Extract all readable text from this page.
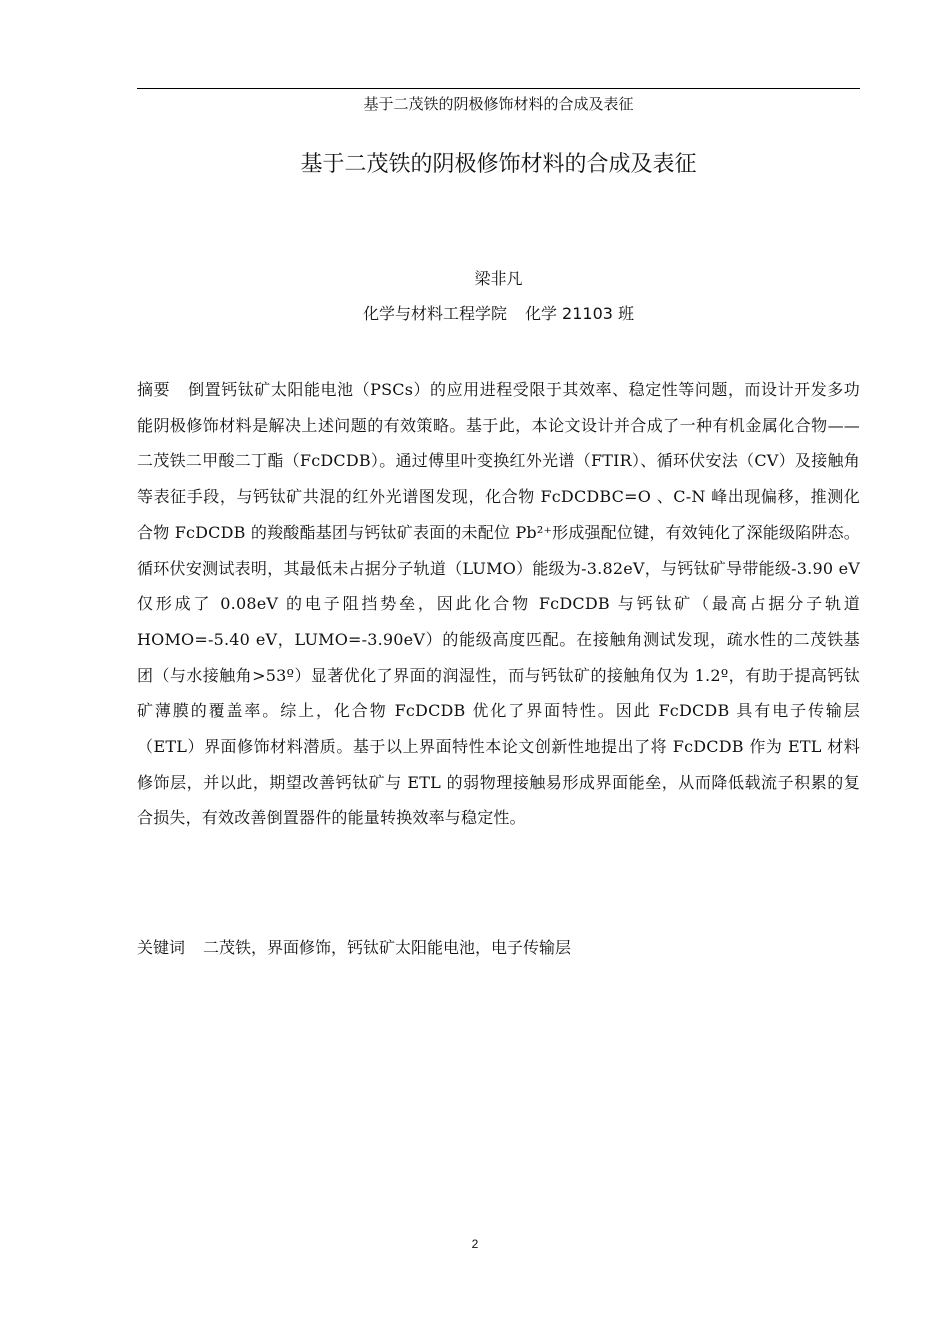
基于二茂铁的阴极修饰材料的合成及表征
基于二茂铁的阴极修饰材料的合成及表征
梁非凡
化学与材料工程学院 化学 21103 班

摘要 倒置钙钛矿太阳能电池（PSCs）的应用进程受限于其效率、稳定性等问题，而设计开发多功能阴极修饰材料是解决上述问题的有效策略。基于此，本论文设计并合成了一种有机金属化合物——二茂铁二甲酸二丁酯（FcDCDB）。通过傅里叶变换红外光谱（FTIR）、循环伏安法（CV）及接触角等表征手段，与钙钛矿共混的红外光谱图发现，化合物 FcDCDBC=O 、C-N 峰出现偏移，推测化合物 FcDCDB 的羧酸酯基团与钙钛矿表面的未配位 Pb²⁺形成强配位键，有效钝化了深能级陷阱态。循环伏安测试表明，其最低未占据分子轨道（LUMO）能级为-3.82eV，与钙钛矿导带能级-3.90 eV 仅形成了 0.08eV 的电子阻挡势垒，因此化合物 FcDCDB 与钙钛矿（最高占据分子轨道 HOMO=-5.40 eV，LUMO=-3.90eV）的能级高度匹配。在接触角测试发现，疏水性的二茂铁基团（与水接触角>53º）显著优化了界面的润湿性，而与钙钛矿的接触角仅为 1.2º，有助于提高钙钛矿薄膜的覆盖率。综上，化合物 FcDCDB 优化了界面特性。因此 FcDCDB 具有电子传输层（ETL）界面修饰材料潜质。基于以上界面特性本论文创新性地提出了将 FcDCDB 作为 ETL 材料修饰层，并以此，期望改善钙钛矿与 ETL 的弱物理接触易形成界面能垒，从而降低载流子积累的复合损失，有效改善倒置器件的能量转换效率与稳定性。

关键词 二茂铁，界面修饰，钙钛矿太阳能电池，电子传输层

2
